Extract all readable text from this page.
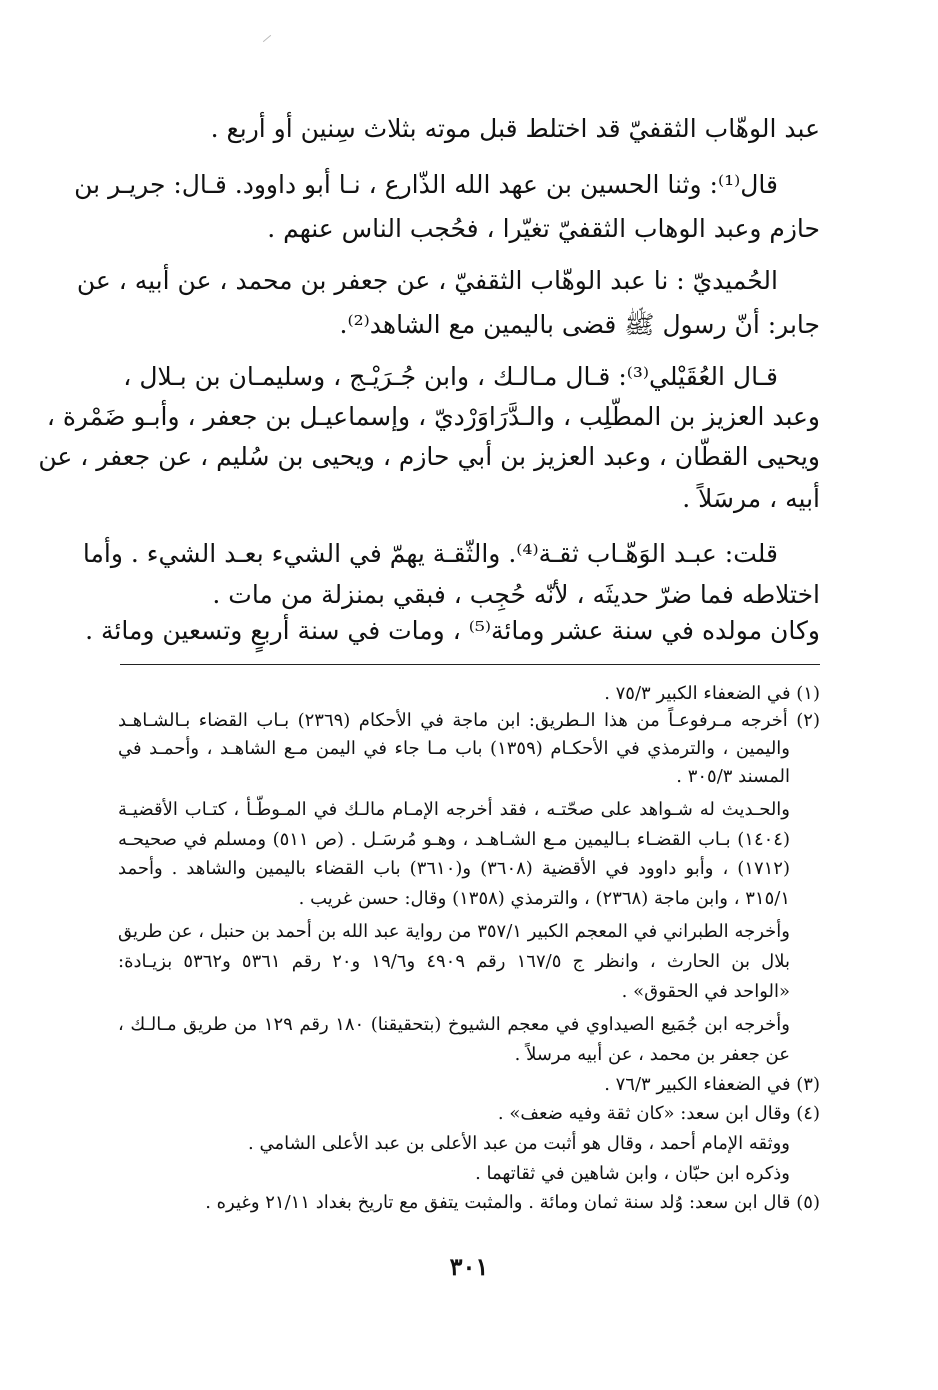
عبد الوهّاب الثقفيّ قد اختلط قبل موته بثلاث سِنين أو أربع .
قال⁽¹⁾: وثنا الحسين بن عهد الله الذّارع ، نـا أبو داوود. قـال: جريـر بن
حازم وعبد الوهاب الثقفيّ تغيّرا ، فحُجب الناس عنهم .
الحُميديّ : نا عبد الوهّاب الثقفيّ ، عن جعفر بن محمد ، عن أبيه ، عن
جابر: أنّ رسول ﷺ قضى باليمين مع الشاهد⁽²⁾.
قـال العُقَيْلي⁽³⁾: قـال مـالـك ، وابن جُـرَيْـج ، وسليمـان بن بـلال ،
وعبد العزيز بن المطّلِب ، والـدَّرَاوَرْديّ ، وإسماعيـل بن جعفر ، وأبـو ضَمْرة ،
ويحيى القطّان ، وعبد العزيز بن أبي حازم ، ويحيى بن سُليم ، عن جعفر ، عن
أبيه ، مرسَلاً .
قلت: عبـد الوَهّـاب ثقـة⁽⁴⁾. والثّقـة يهمّ في الشيء بعـد الشيء . وأما
اختلاطه فما ضرّ حديثَه ، لأنّه حُجِب ، فبقي بمنزلة من مات .
وكان مولده في سنة عشر ومائة⁽⁵⁾ ، ومات في سنة أربعٍ وتسعين ومائة .
(١) في الضعفاء الكبير ٧٥/٣ .
(٢) أخرجه مـرفوعـاً من هذا الـطريق: ابن ماجة في الأحكام (٢٣٦٩) بـاب القضاء بـالشـاهـد
واليمين ، والترمذي في الأحكـام (١٣٥٩) باب مـا جاء في اليمن مـع الشاهـد ، وأحمـد في
المسند ٣٠٥/٣ .
والحـديث له شـواهد على صحّتـه ، فقد أخرجه الإمـام مالـك في المـوطّـأ ، كتـاب الأقضيـة
(١٤٠٤) بـاب القضـاء بـاليمين مـع الشـاهـد ، وهـو مُرسَـل . (ص ٥١١) ومسلم في صحيحـه
(١٧١٢) ، وأبو داوود في الأقضية (٣٦٠٨) و(٣٦١٠) باب القضاء باليمين والشاهد . وأحمد
٣١٥/١ ، وابن ماجة (٢٣٦٨) ، والترمذي (١٣٥٨) وقال: حسن غريب .
وأخرجه الطبراني في المعجم الكبير ٣٥٧/١ من رواية عبد الله بن أحمد بن حنبل ، عن طريق
بلال بن الحارث ، وانظر ج ١٦٧/٥ رقم ٤٩٠٩ و١٩/٦ و٢٠ رقم ٥٣٦١ و٥٣٦٢ بزيـادة:
«الواحد في الحقوق» .
وأخرجه ابن جُمَيع الصيداوي في معجم الشيوخ (بتحقيقنا) ١٨٠ رقم ١٢٩ من طريق مـالـك ،
عن جعفر بن محمد ، عن أبيه مرسلاً .
(٣) في الضعفاء الكبير ٧٦/٣ .
(٤) وقال ابن سعد: «كان ثقة وفيه ضعف» .
ووثقه الإمام أحمد ، وقال هو أثبت من عبد الأعلى بن عبد الأعلى الشامي .
وذكره ابن حبّان ، وابن شاهين في ثقاتهما .
(٥) قال ابن سعد: وُلد سنة ثمان ومائة . والمثبت يتفق مع تاريخ بغداد ٢١/١١ وغيره .
٣٠١
